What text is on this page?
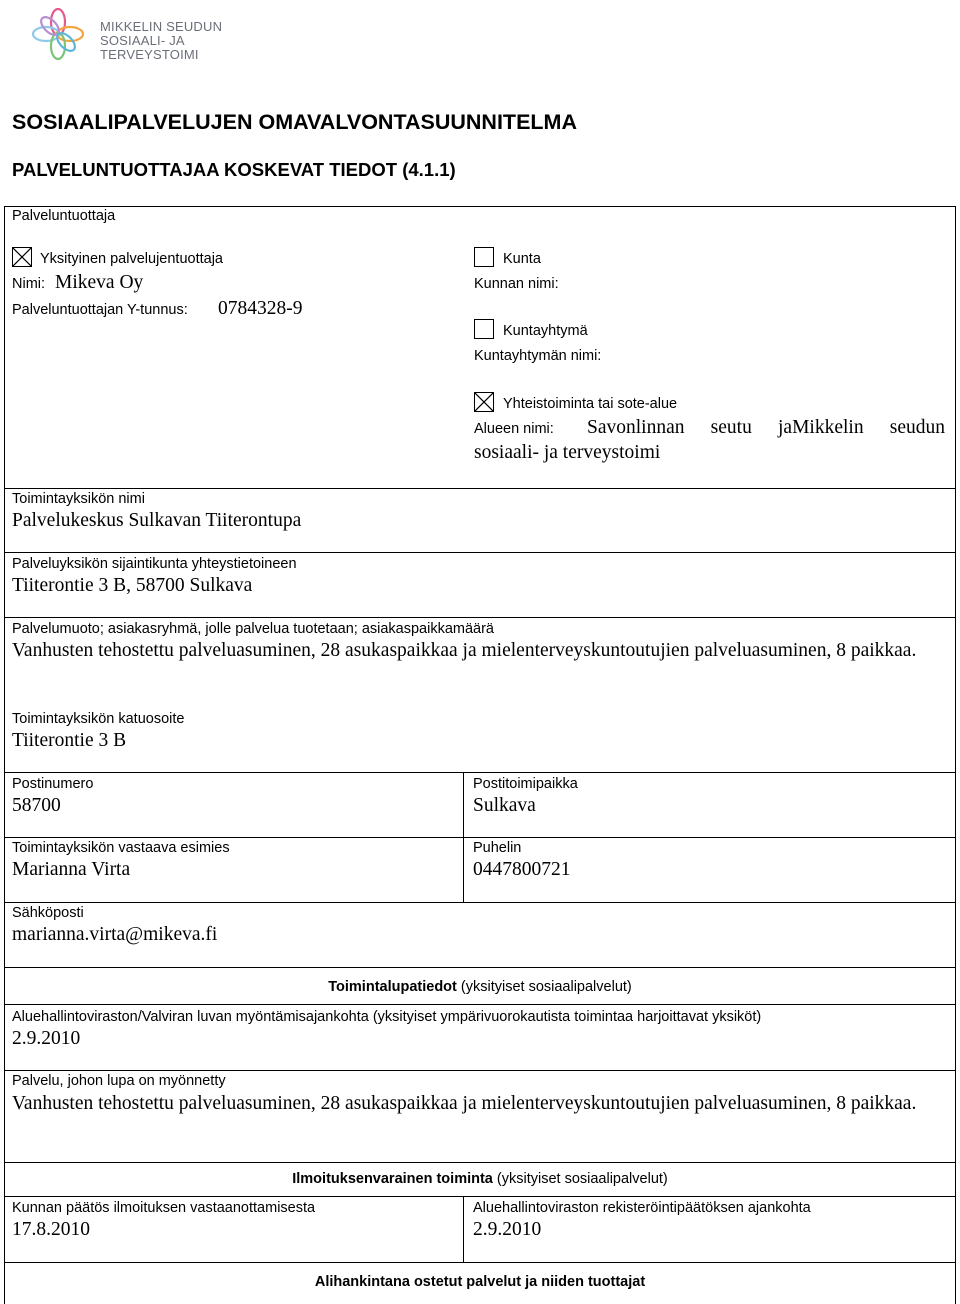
MIKKELIN SEUDUN
SOSIAALI- JA TERVEYSTOIMI
SOSIAALIPALVELUJEN OMAVALVONTASUUNNITELMA
PALVELUNTUOTTAJAA KOSKEVAT TIEDOT (4.1.1)
Palveluntuottaja
Yksityinen palvelujentuottaja
Nimi: Mikeva Oy
Palveluntuottajan Y-tunnus: 0784328-9
Kunta
Kunnan nimi:
Kuntayhtymä
Kuntayhtymän nimi:
Yhteistoiminta tai sote-alue
Alueen nimi: Savonlinnan seutu jaMikkelin seudun
sosiaali- ja terveystoimi
Toimintayksikön nimi
Palvelukeskus Sulkavan Tiiterontupa
Palveluyksikön sijaintikunta yhteystietoineen
Tiiterontie 3 B, 58700 Sulkava
Palvelumuoto; asiakasryhmä, jolle palvelua tuotetaan; asiakaspaikkamäärä
Vanhusten tehostettu palveluasuminen, 28 asukaspaikkaa ja mielenterveyskuntoutujien palveluasuminen, 8 paikkaa.
Toimintayksikön katuosoite
Tiiterontie 3 B
Postinumero
58700
Postitoimipaikka
Sulkava
Toimintayksikön vastaava esimies
Marianna Virta
Puhelin
0447800721
Sähköposti
marianna.virta@mikeva.fi
Toimintalupatiedot (yksityiset sosiaalipalvelut)
Aluehallintoviraston/Valviran luvan myöntämisajankohta (yksityiset ympärivuorokautista toimintaa harjoittavat yksiköt)
2.9.2010
Palvelu, johon lupa on myönnetty
Vanhusten tehostettu palveluasuminen, 28 asukaspaikkaa ja mielenterveyskuntoutujien palveluasuminen, 8 paikkaa.
Ilmoituksenvarainen toiminta (yksityiset sosiaalipalvelut)
Kunnan päätös ilmoituksen vastaanottamisesta
17.8.2010
Aluehallintoviraston rekisteröintipäätöksen ajankohta
2.9.2010
Alihankintana ostetut palvelut ja niiden tuottajat
